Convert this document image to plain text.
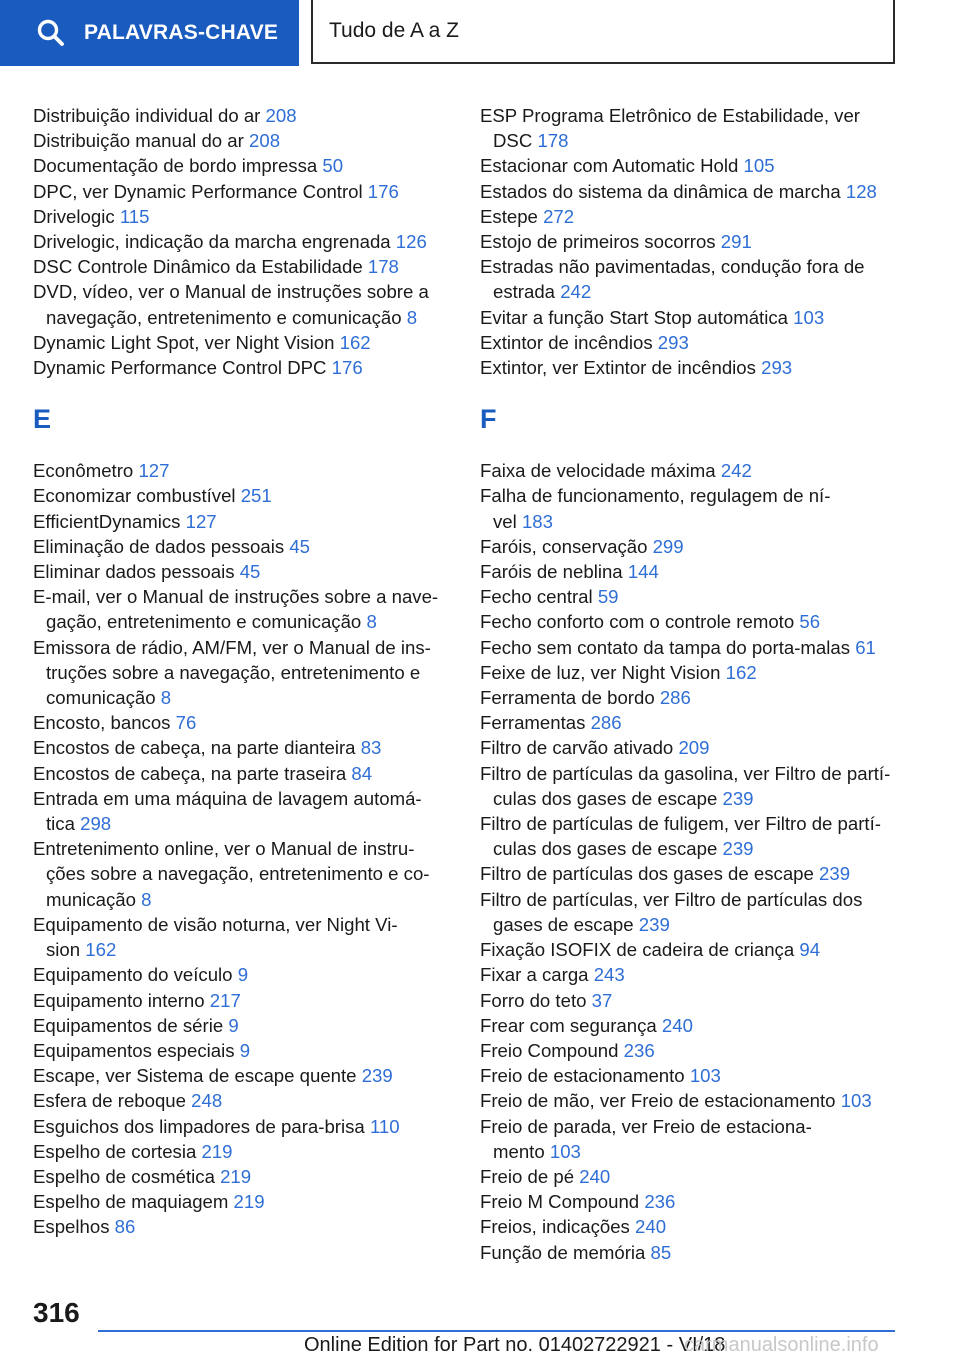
PALAVRAS-CHAVE Tudo de A a Z
Distribuição individual do ar 208
Distribuição manual do ar 208
Documentação de bordo impressa 50
DPC, ver Dynamic Performance Control 176
Drivelogic 115
Drivelogic, indicação da marcha engrenada 126
DSC Controle Dinâmico da Estabilidade 178
DVD, vídeo, ver o Manual de instruções sobre a navegação, entretenimento e comunicação 8
Dynamic Light Spot, ver Night Vision 162
Dynamic Performance Control DPC 176
E
Econômetro 127
Economizar combustível 251
EfficientDynamics 127
Eliminação de dados pessoais 45
Eliminar dados pessoais 45
E-mail, ver o Manual de instruções sobre a nave-
gação, entretenimento e comunicação 8
Emissora de rádio, AM/FM, ver o Manual de ins-
truções sobre a navegação, entretenimento e
comunicação 8
Encosto, bancos 76
Encostos de cabeça, na parte dianteira 83
Encostos de cabeça, na parte traseira 84
Entrada em uma máquina de lavagem automá-
tica 298
Entretenimento online, ver o Manual de instru-
ções sobre a navegação, entretenimento e co-
municação 8
Equipamento de visão noturna, ver Night Vi-
sion 162
Equipamento do veículo 9
Equipamento interno 217
Equipamentos de série 9
Equipamentos especiais 9
Escape, ver Sistema de escape quente 239
Esfera de reboque 248
Esguichos dos limpadores de para-brisa 110
Espelho de cortesia 219
Espelho de cosmética 219
Espelho de maquiagem 219
Espelhos 86
ESP Programa Eletrônico de Estabilidade, ver
DSC 178
Estacionar com Automatic Hold 105
Estados do sistema da dinâmica de marcha 128
Estepe 272
Estojo de primeiros socorros 291
Estradas não pavimentadas, condução fora de
estrada 242
Evitar a função Start Stop automática 103
Extintor de incêndios 293
Extintor, ver Extintor de incêndios 293
F
Faixa de velocidade máxima 242
Falha de funcionamento, regulagem de ní-
vel 183
Faróis, conservação 299
Faróis de neblina 144
Fecho central 59
Fecho conforto com o controle remoto 56
Fecho sem contato da tampa do porta-malas 61
Feixe de luz, ver Night Vision 162
Ferramenta de bordo 286
Ferramentas 286
Filtro de carvão ativado 209
Filtro de partículas da gasolina, ver Filtro de partí-
culas dos gases de escape 239
Filtro de partículas de fuligem, ver Filtro de partí-
culas dos gases de escape 239
Filtro de partículas dos gases de escape 239
Filtro de partículas, ver Filtro de partículas dos
gases de escape 239
Fixação ISOFIX de cadeira de criança 94
Fixar a carga 243
Forro do teto 37
Frear com segurança 240
Freio Compound 236
Freio de estacionamento 103
Freio de mão, ver Freio de estacionamento 103
Freio de parada, ver Freio de estaciona-
mento 103
Freio de pé 240
Freio M Compound 236
Freios, indicações 240
Função de memória 85
316
Online Edition for Part no. 01402722921 - VI/18
carmanualsonline.info
